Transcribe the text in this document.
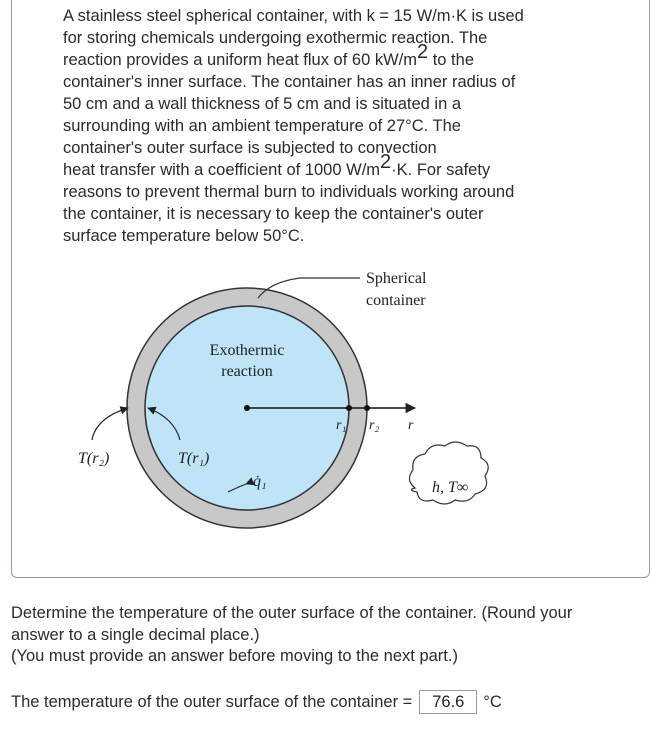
A stainless steel spherical container, with k = 15 W/m·K is used
for storing chemicals undergoing exothermic reaction. The
reaction provides a uniform heat flux of 60 $kW/m^2$ to the
container's inner surface. The container has an inner radius of
50 cm and a wall thickness of 5 cm and is situated in a
surrounding with an ambient temperature of 27°C. The
container's outer surface is subjected to convection
heat transfer with a coefficient of 1000 $W/m^2\cdot K$. For safety
reasons to prevent thermal burn to individuals working around
the container, it is necessary to keep the container's outer
surface temperature below 50°C.

Spherical
container
Exothermic
reaction
r₁ r₂ r
T(r₂)	T(r₁)
q̇₁	h, T∞

Determine the temperature of the outer surface of the container. (Round your
answer to a single decimal place.)
(You must provide an answer before moving to the next part.)

The temperature of the outer surface of the container =	76.6	°C
